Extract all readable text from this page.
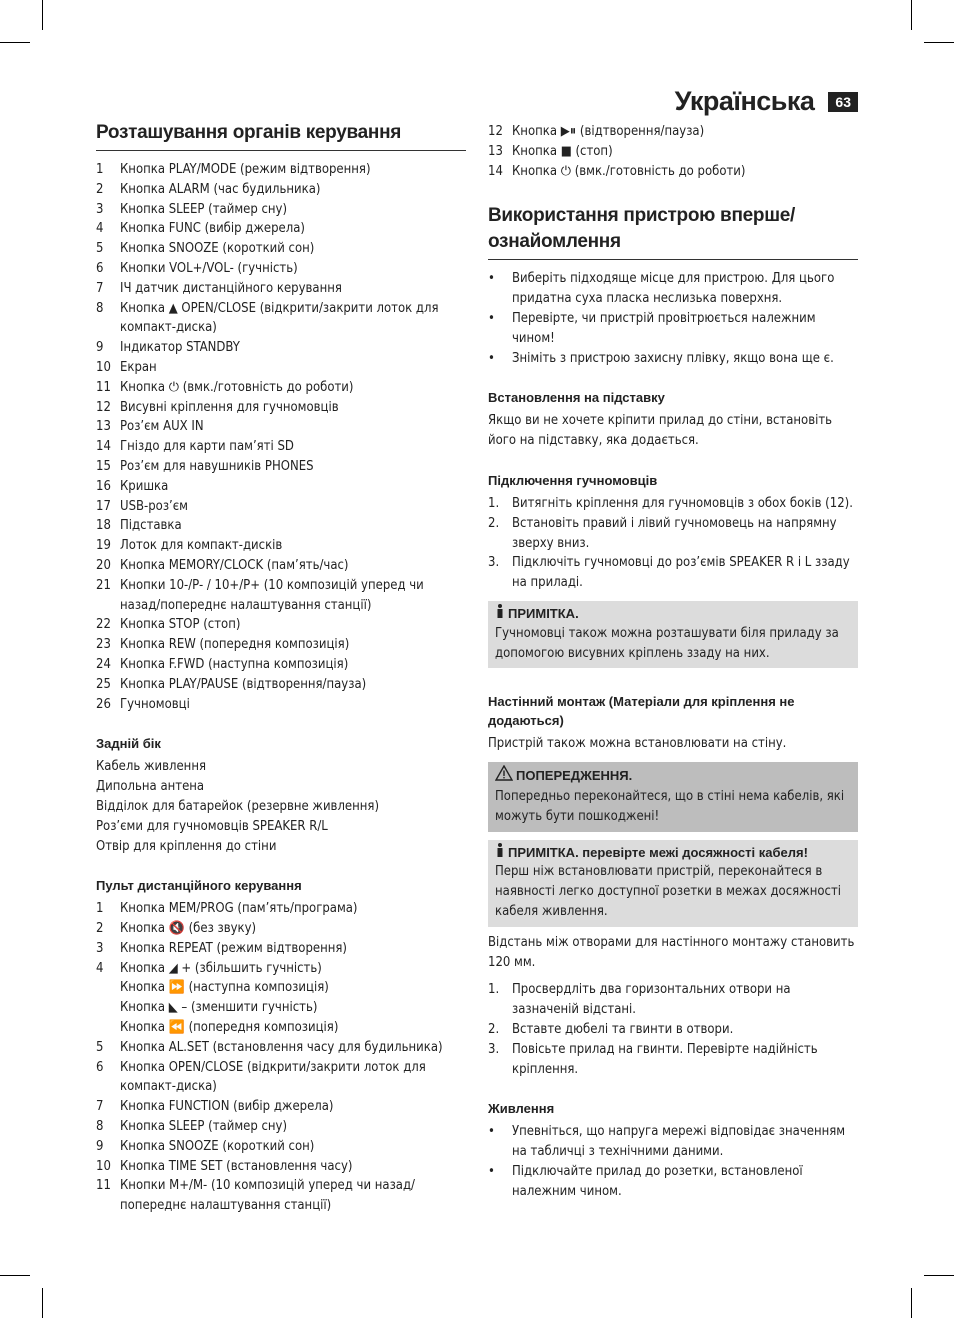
Українська	63
Розташування органів керування
1	Кнопка PLAY/MODE (режим відтворення)
2	Кнопка ALARM (час будильника)
3	Кнопка SLEEP (таймер сну)
4	Кнопка FUNC (вибір джерела)
5	Кнопка SNOOZE (короткий сон)
6	Кнопки VOL+/VOL- (гучність)
7	IЧ датчик дистанційного керування
8	Кнопка ▲ OPEN/CLOSE (відкрити/закрити лоток для компакт-диска)
9	Індикатор STANDBY
10 Екран
11 Кнопка ⏻ (вмк./готовність до роботи)
12 Висувні кріплення для гучномовців
13 Роз’єм AUX IN
14 Гніздо для карти пам’яті SD
15 Роз’єм для навушників PHONES
16 Кришка
17 USB-роз’єм
18 Підставка
19 Лоток для компакт-дисків
20 Кнопка MEMORY/CLOCK (пам’ять/час)
21 Кнопки 10-/P- / 10+/P+ (10 композицій уперед чи назад/попереднє налаштування станції)
22 Кнопка STOP (стоп)
23 Кнопка REW (попередня композиція)
24 Кнопка F.FWD (наступна композиція)
25 Кнопка PLAY/PAUSE (відтворення/пауза)
26 Гучномовці
Задній бік
Кабель живлення
Дипольна антена
Відділок для батарейок (резервне живлення)
Роз’єми для гучномовців SPEAKER R/L
Отвір для кріплення до стіни
Пульт дистанційного керування
1	Кнопка MEM/PROG (пам’ять/програма)
2	Кнопка 🔇 (без звуку)
3	Кнопка REPEAT (режим відтворення)
4	Кнопка ◢ + (збільшить гучність)
Кнопка ⏩ (наступна композиція)
Кнопка ◣ – (зменшити гучність)
Кнопка ⏪ (попередня композиція)
5	Кнопка AL.SET (встановлення часу для будильника)
6	Кнопка OPEN/CLOSE (відкрити/закрити лоток для компакт-диска)
7	Кнопка FUNCTION (вибір джерела)
8	Кнопка SLEEP (таймер сну)
9	Кнопка SNOOZE (короткий сон)
10 Кнопка TIME SET (встановлення часу)
11 Кнопки M+/M- (10 композицій уперед чи назад/попереднє налаштування станції)
12 Кнопка ▶⏸ (відтворення/пауза)
13 Кнопка ■ (стоп)
14 Кнопка ⏻ (вмк./готовність до роботи)
Використання пристрою вперше/ ознайомлення
•	Виберіть підходяще місце для пристрою. Для цього придатна суха пласка неслизька поверхня.
•	Перевірте, чи пристрій провітрюється належним чином!
•	Зніміть з пристрою захисну плівку, якщо вона ще є.
Встановлення на підставку

Якщо ви не хочете кріпити прилад до стіни, встановіть його на підставку, яка додається.

Підключення гучномовців
1. Витягніть кріплення для гучномовців з обох боків (12).
2. Встановіть правий і лівий гучномовець на напрямну зверху вниз.
3. Підключіть гучномовці до роз’ємів SPEAKER R і L ззаду на приладі.
ПРИМІТКА.
Гучномовці також можна розташувати біля приладу за допомогою висувних кріплень ззаду на них.
Настінний монтаж (Матеріали для кріплення не додаються)

Пристрій також можна встановлювати на стіну.

ПОПЕРЕДЖЕННЯ.
Попередньо переконайтеся, що в стіні нема кабелів, які можуть бути пошкоджені!
ПРИМІТКА. перевірте межі досяжності кабеля!
Перш ніж встановлювати пристрій, переконайтеся в наявності легко доступної розетки в межах досяжності кабеля живлення.

Відстань між отворами для настінного монтажу становить 120 мм.

1. Просвердліть два горизонтальних отвори на зазначеній відстані.
2. Вставте дюбелі та гвинти в отвори.
3. Повісьте прилад на гвинти. Перевірте надійність кріплення.
Живлення
•	Упевніться, що напруга мережі відповідає значенням на табличці з технічними даними.
•	Підключайте прилад до розетки, встановленої належним чином.
